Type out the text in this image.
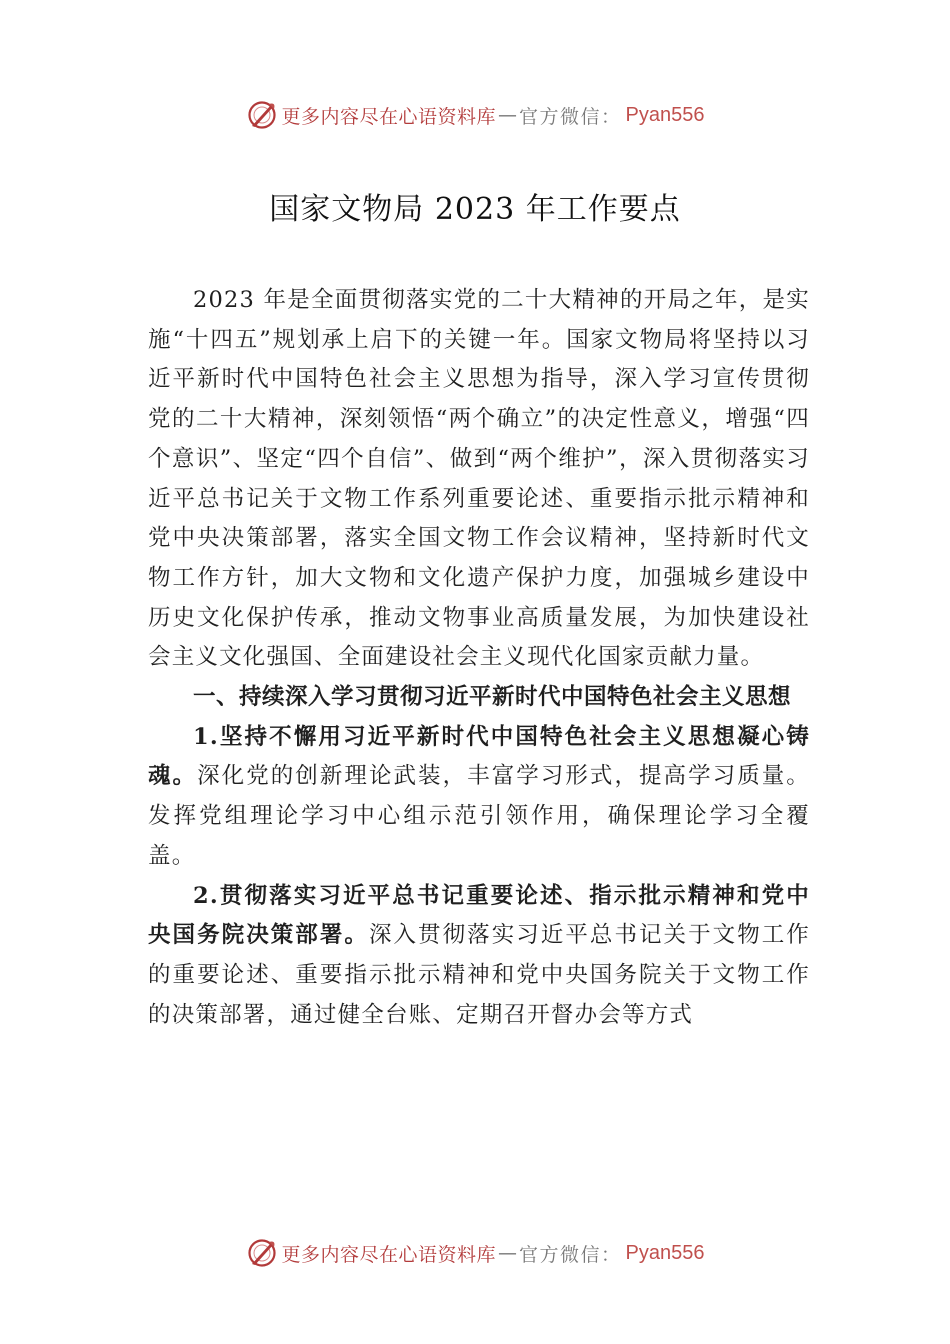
更多内容尽在心语资料库 — 官方微信： Pyan556
国家文物局 2023 年工作要点

2023 年是全面贯彻落实党的二十大精神的开局之年，是实施“十四五”规划承上启下的关键一年。国家文物局将坚持以习近平新时代中国特色社会主义思想为指导，深入学习宣传贯彻党的二十大精神，深刻领悟“两个确立”的决定性意义，增强“四个意识”、坚定“四个自信”、做到“两个维护”，深入贯彻落实习近平总书记关于文物工作系列重要论述、重要指示批示精神和党中央决策部署，落实全国文物工作会议精神，坚持新时代文物工作方针，加大文物和文化遗产保护力度，加强城乡建设中历史文化保护传承，推动文物事业高质量发展，为加快建设社会主义文化强国、全面建设社会主义现代化国家贡献力量。

一、持续深入学习贯彻习近平新时代中国特色社会主义思想

1.坚持不懈用习近平新时代中国特色社会主义思想凝心铸魂。深化党的创新理论武装，丰富学习形式，提高学习质量。发挥党组理论学习中心组示范引领作用，确保理论学习全覆盖。

2.贯彻落实习近平总书记重要论述、指示批示精神和党中央国务院决策部署。深入贯彻落实习近平总书记关于文物工作的重要论述、重要指示批示精神和党中央国务院关于文物工作的决策部署，通过健全台账、定期召开督办会等方式

更多内容尽在心语资料库 — 官方微信： Pyan556
